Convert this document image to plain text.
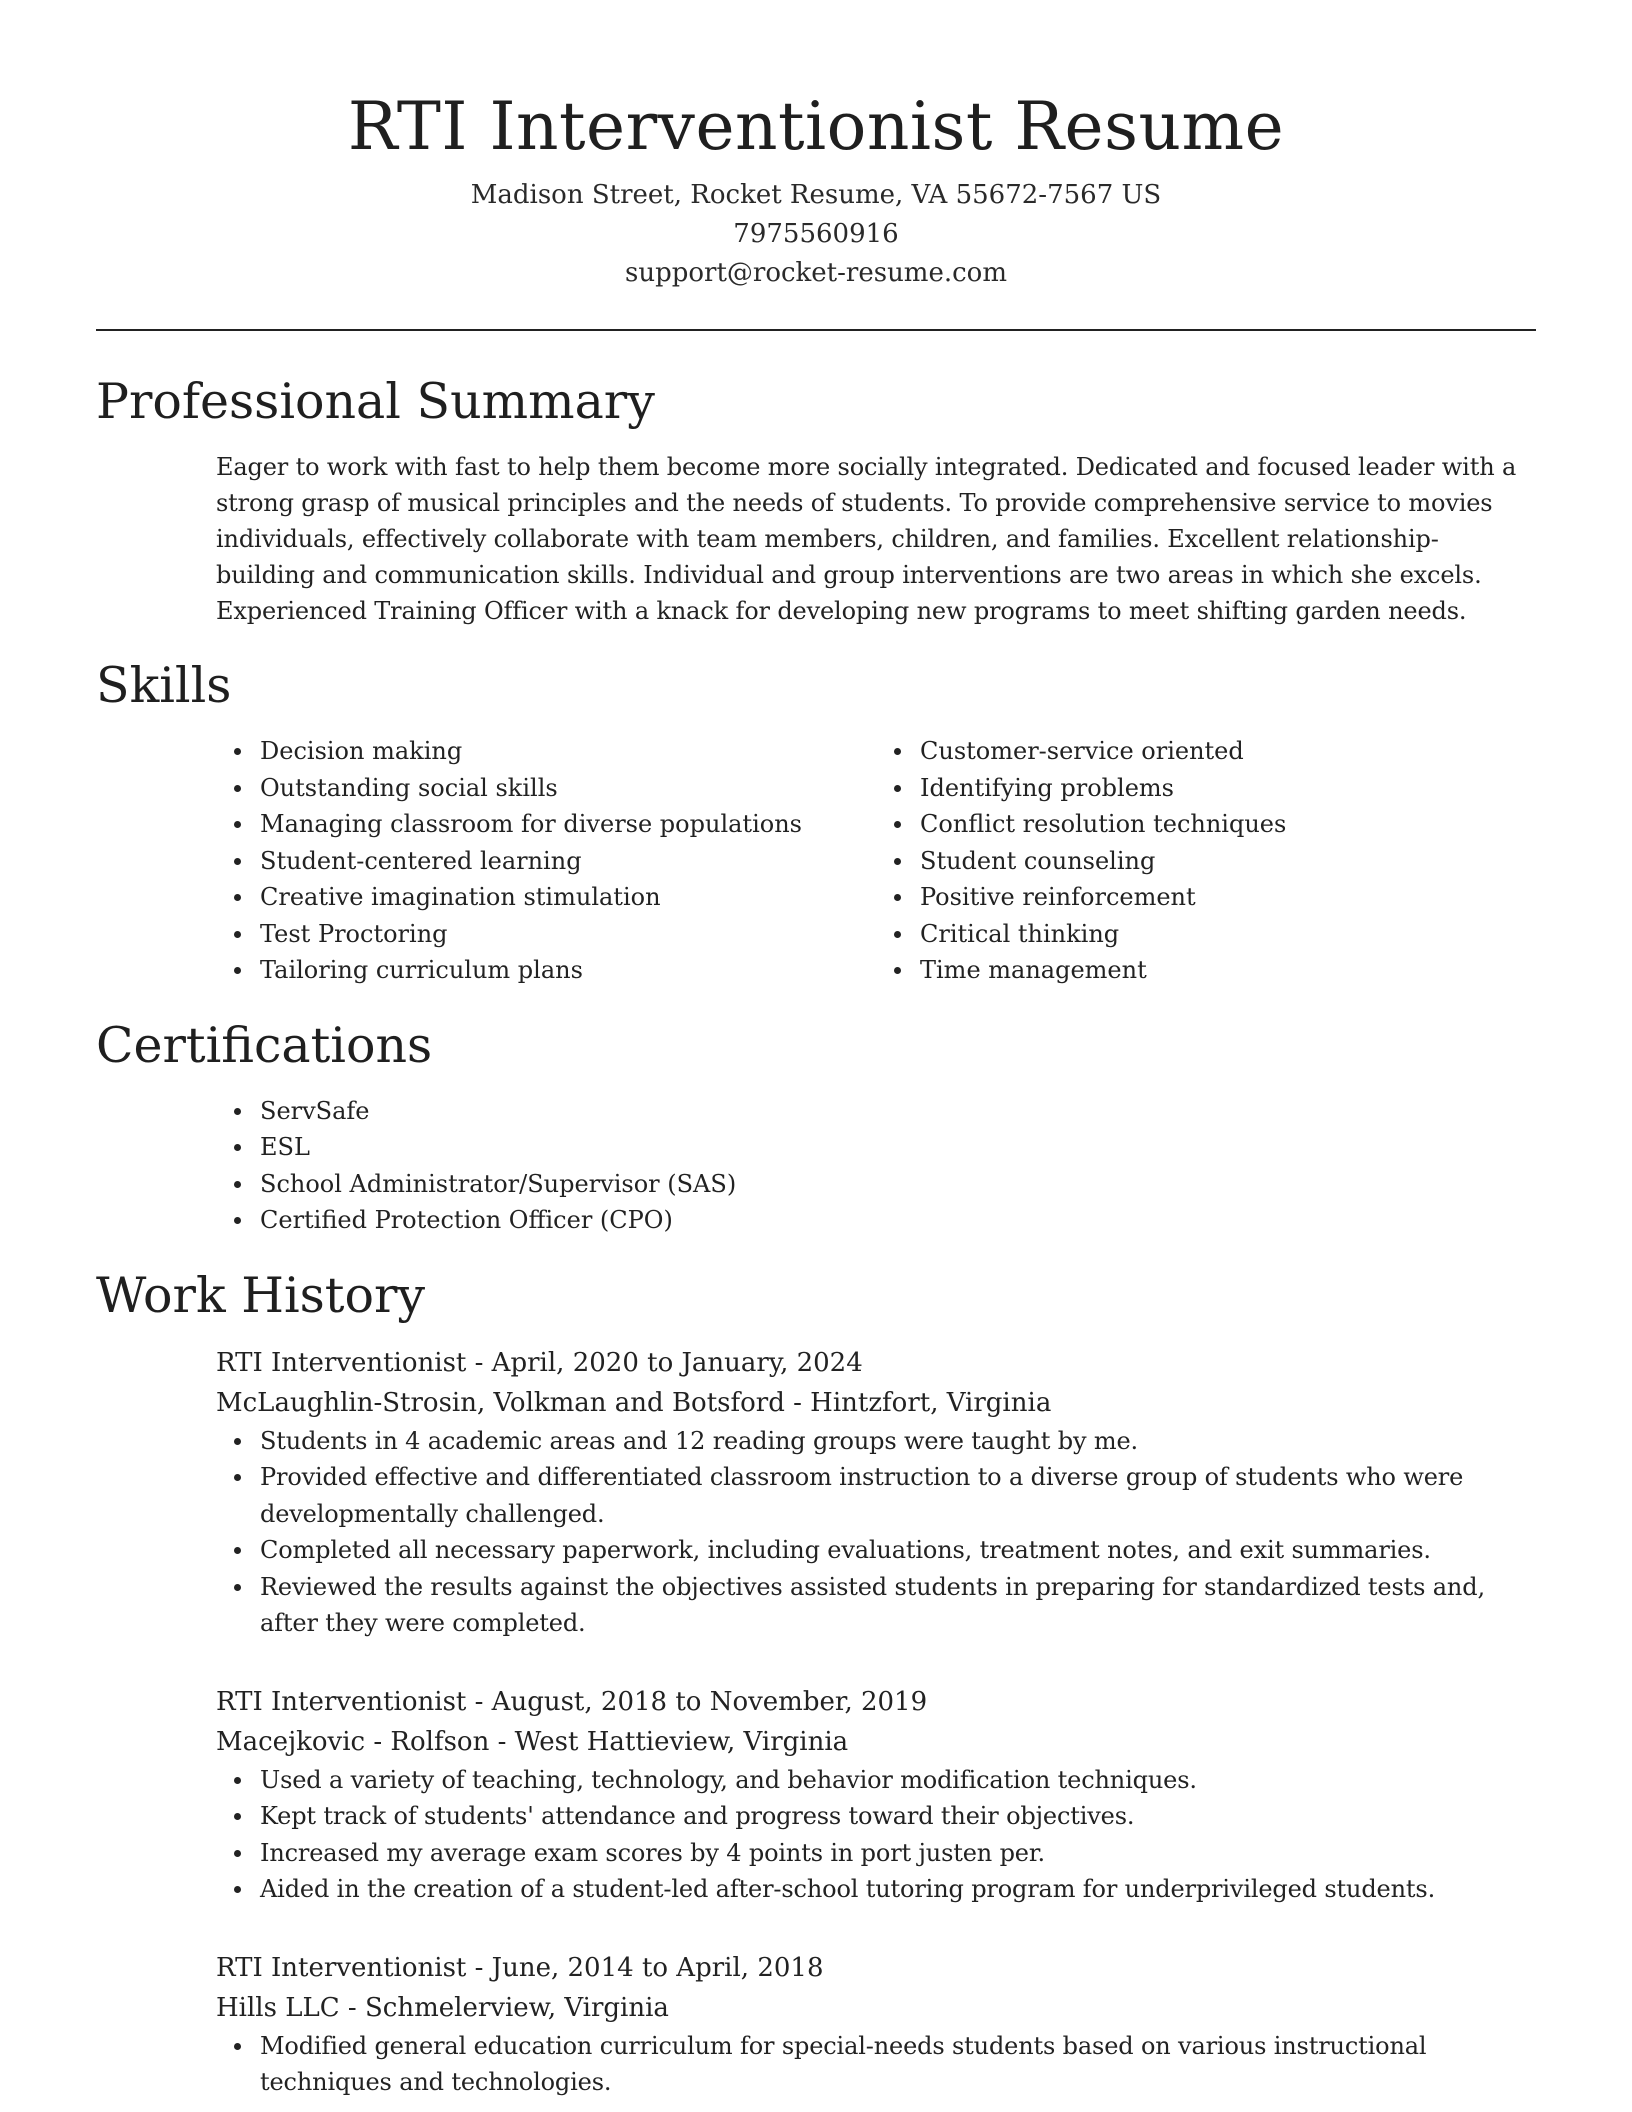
RTI Interventionist Resume
Madison Street, Rocket Resume, VA 55672-7567 US
7975560916
support@rocket-resume.com
Professional Summary
Eager to work with fast to help them become more socially integrated. Dedicated and focused leader with a strong grasp of musical principles and the needs of students. To provide comprehensive service to movies individuals, effectively collaborate with team members, children, and families. Excellent relationship-building and communication skills. Individual and group interventions are two areas in which she excels. Experienced Training Officer with a knack for developing new programs to meet shifting garden needs.
Skills
Decision making
Outstanding social skills
Managing classroom for diverse populations
Student-centered learning
Creative imagination stimulation
Test Proctoring
Tailoring curriculum plans
Customer-service oriented
Identifying problems
Conflict resolution techniques
Student counseling
Positive reinforcement
Critical thinking
Time management
Certifications
ServSafe
ESL
School Administrator/Supervisor (SAS)
Certified Protection Officer (CPO)
Work History
RTI Interventionist - April, 2020 to January, 2024
McLaughlin-Strosin, Volkman and Botsford - Hintzfort, Virginia
Students in 4 academic areas and 12 reading groups were taught by me.
Provided effective and differentiated classroom instruction to a diverse group of students who were developmentally challenged.
Completed all necessary paperwork, including evaluations, treatment notes, and exit summaries.
Reviewed the results against the objectives assisted students in preparing for standardized tests and, after they were completed.
RTI Interventionist - August, 2018 to November, 2019
Macejkovic - Rolfson - West Hattieview, Virginia
Used a variety of teaching, technology, and behavior modification techniques.
Kept track of students' attendance and progress toward their objectives.
Increased my average exam scores by 4 points in port justen per.
Aided in the creation of a student-led after-school tutoring program for underprivileged students.
RTI Interventionist - June, 2014 to April, 2018
Hills LLC - Schmelerview, Virginia
Modified general education curriculum for special-needs students based on various instructional techniques and technologies.
